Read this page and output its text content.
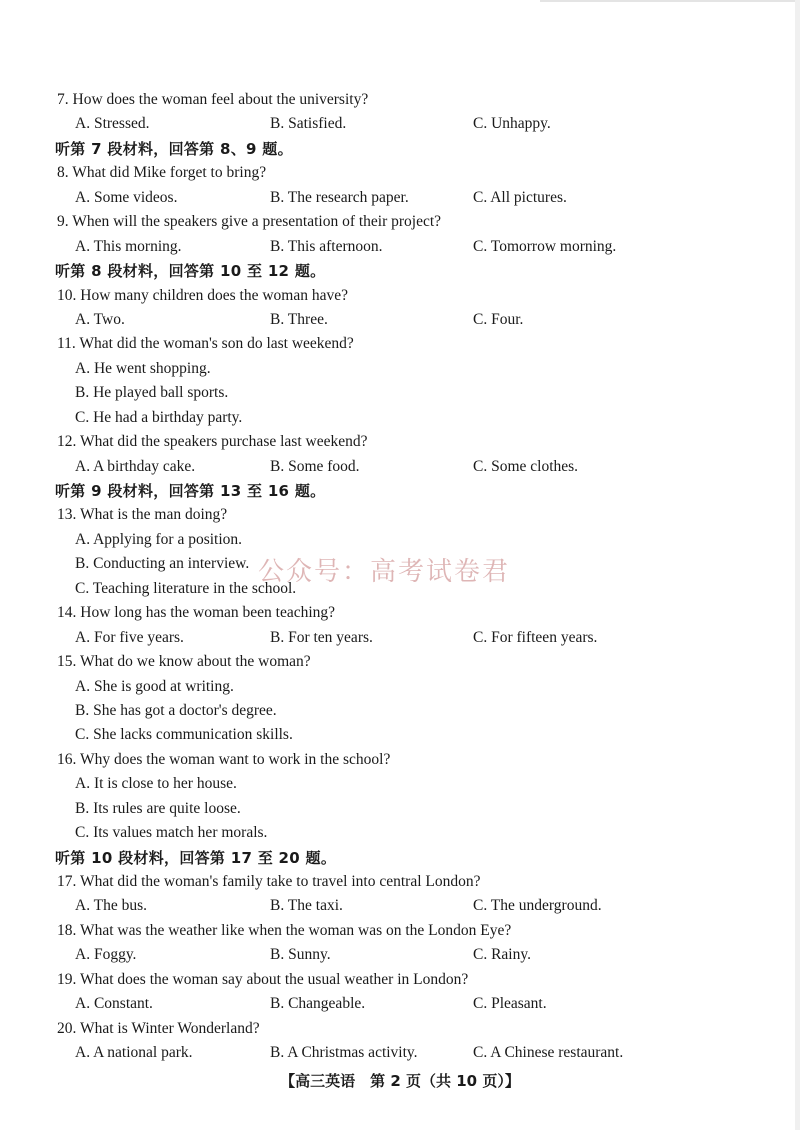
7. How does the woman feel about the university?
A. Stressed.	B. Satisfied.	C. Unhappy.
听第 7 段材料，回答第 8、9 题。
8. What did Mike forget to bring?
A. Some videos.	B. The research paper.	C. All pictures.
9. When will the speakers give a presentation of their project?
A. This morning.	B. This afternoon.	C. Tomorrow morning.
听第 8 段材料，回答第 10 至 12 题。
10. How many children does the woman have?
A. Two.	B. Three.	C. Four.
11. What did the woman's son do last weekend?
A. He went shopping.
B. He played ball sports.
C. He had a birthday party.
12. What did the speakers purchase last weekend?
A. A birthday cake.	B. Some food.	C. Some clothes.
听第 9 段材料，回答第 13 至 16 题。
13. What is the man doing?
A. Applying for a position.
B. Conducting an interview.
C. Teaching literature in the school.
14. How long has the woman been teaching?
A. For five years.	B. For ten years.	C. For fifteen years.
15. What do we know about the woman?
A. She is good at writing.
B. She has got a doctor's degree.
C. She lacks communication skills.
16. Why does the woman want to work in the school?
A. It is close to her house.
B. Its rules are quite loose.
C. Its values match her morals.
听第 10 段材料，回答第 17 至 20 题。
17. What did the woman's family take to travel into central London?
A. The bus.	B. The taxi.	C. The underground.
18. What was the weather like when the woman was on the London Eye?
A. Foggy.	B. Sunny.	C. Rainy.
19. What does the woman say about the usual weather in London?
A. Constant.	B. Changeable.	C. Pleasant.
20. What is Winter Wonderland?
A. A national park.	B. A Christmas activity.	C. A Chinese restaurant.
公众号：高考试卷君
【高三英语　第 2 页（共 10 页）】
